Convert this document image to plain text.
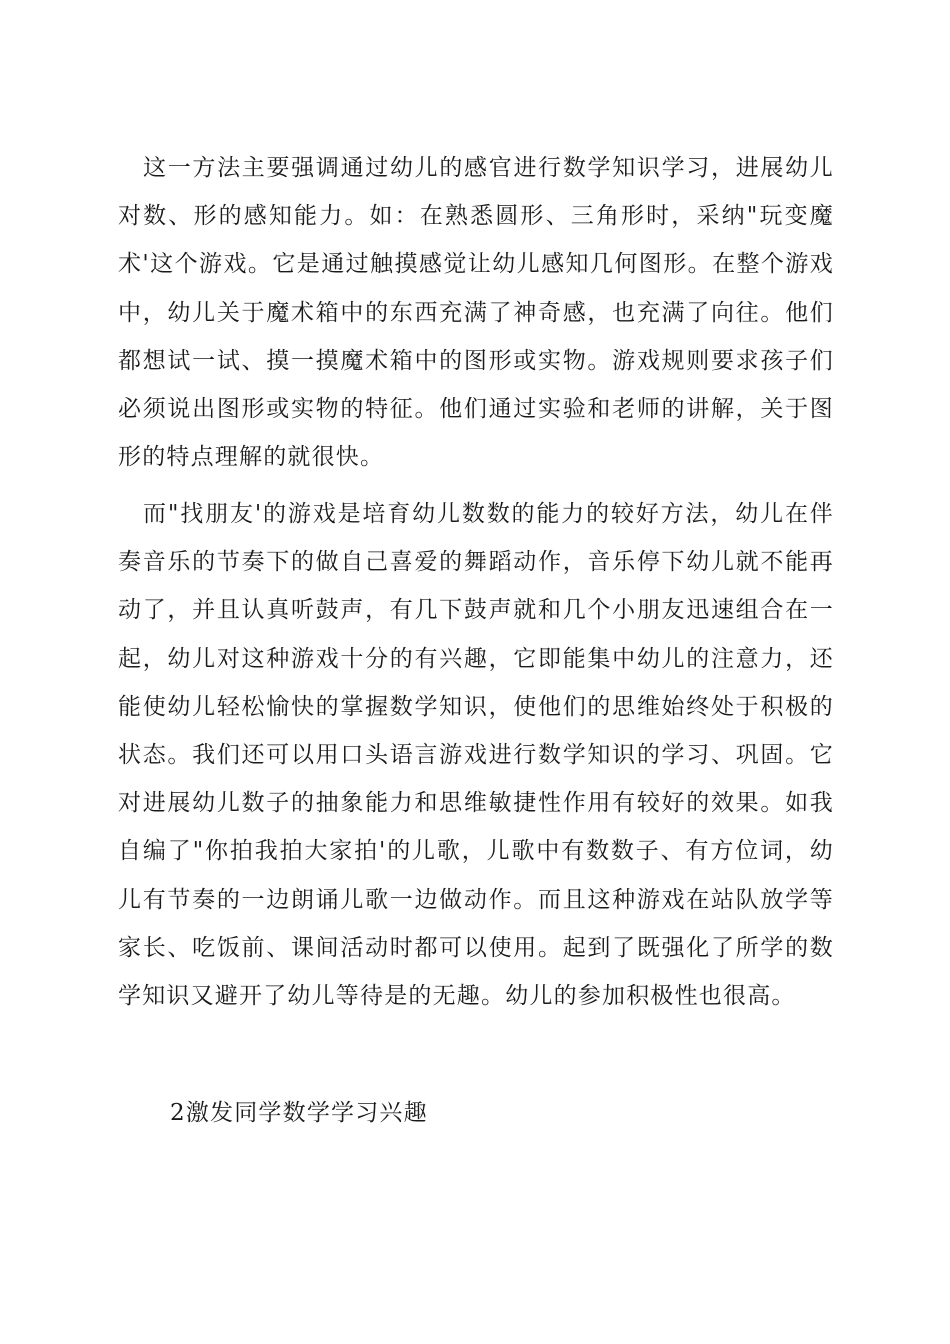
这一方法主要强调通过幼儿的感官进行数学知识学习，进展幼儿对数、形的感知能力。如：在熟悉圆形、三角形时，采纳"玩变魔术'这个游戏。它是通过触摸感觉让幼儿感知几何图形。在整个游戏中，幼儿关于魔术箱中的东西充满了神奇感，也充满了向往。他们都想试一试、摸一摸魔术箱中的图形或实物。游戏规则要求孩子们必须说出图形或实物的特征。他们通过实验和老师的讲解，关于图形的特点理解的就很快。

而"找朋友'的游戏是培育幼儿数数的能力的较好方法，幼儿在伴奏音乐的节奏下的做自己喜爱的舞蹈动作，音乐停下幼儿就不能再动了，并且认真听鼓声，有几下鼓声就和几个小朋友迅速组合在一起，幼儿对这种游戏十分的有兴趣，它即能集中幼儿的注意力，还能使幼儿轻松愉快的掌握数学知识，使他们的思维始终处于积极的状态。我们还可以用口头语言游戏进行数学知识的学习、巩固。它对进展幼儿数子的抽象能力和思维敏捷性作用有较好的效果。如我自编了"你拍我拍大家拍'的儿歌，儿歌中有数数子、有方位词，幼儿有节奏的一边朗诵儿歌一边做动作。而且这种游戏在站队放学等家长、吃饭前、课间活动时都可以使用。起到了既强化了所学的数学知识又避开了幼儿等待是的无趣。幼儿的参加积极性也很高。

2激发同学数学学习兴趣
